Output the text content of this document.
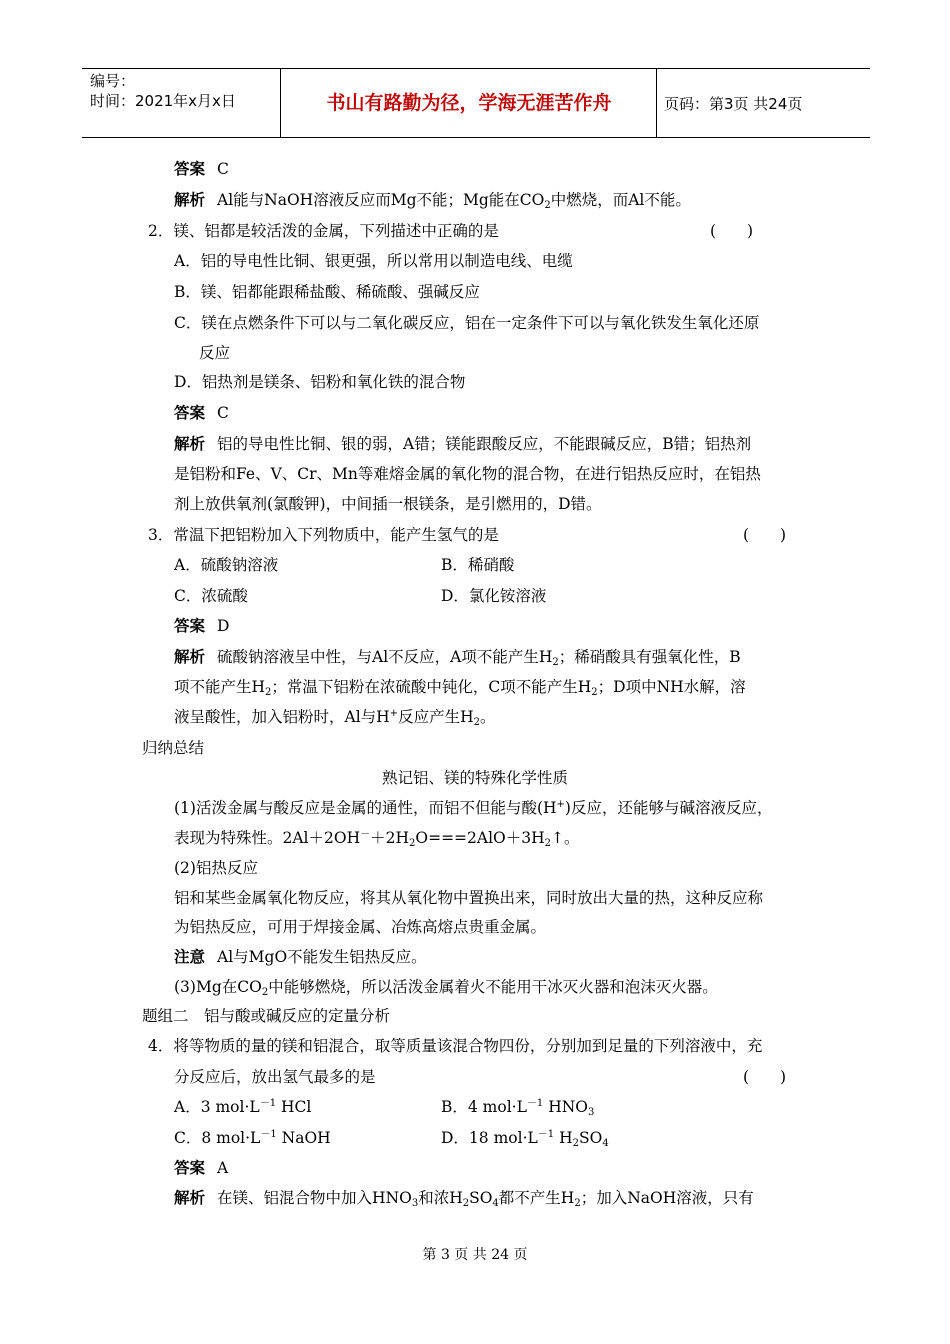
编号：
时间：2021年x月x日	书山有路勤为径，学海无涯苦作舟	页码：第3页 共24页
答案 C
解析 Al能与NaOH溶液反应而Mg不能；Mg能在$CO_2$中燃烧，而Al不能。
2．镁、铝都是较活泼的金属，下列描述中正确的是	(　　)
A．铝的导电性比铜、银更强，所以常用以制造电线、电缆
B．镁、铝都能跟稀盐酸、稀硫酸、强碱反应
C．镁在点燃条件下可以与二氧化碳反应，铝在一定条件下可以与氧化铁发生氧化还原
反应
D．铝热剂是镁条、铝粉和氧化铁的混合物
答案 C
解析 铝的导电性比铜、银的弱，A错；镁能跟酸反应，不能跟碱反应，B错；铝热剂
是铝粉和Fe、V、Cr、Mn等难熔金属的氧化物的混合物，在进行铝热反应时，在铝热
剂上放供氧剂(氯酸钾)，中间插一根镁条，是引燃用的，D错。
3．常温下把铝粉加入下列物质中，能产生氢气的是	(　　)
A．硫酸钠溶液	B．稀硝酸
C．浓硫酸	D．氯化铵溶液
答案 D
解析 硫酸钠溶液呈中性，与Al不反应，A项不能产生$H_2$；稀硝酸具有强氧化性，B
项不能产生$H_2$；常温下铝粉在浓硫酸中钝化，C项不能产生$H_2$；D项中NH水解，溶
液呈酸性，加入铝粉时，Al与H+反应产生$H_2$。
归纳总结
熟记铝、镁的特殊化学性质
(1)活泼金属与酸反应是金属的通性，而铝不但能与酸(H+)反应，还能够与碱溶液反应，
表现为特殊性。$2Al+2OH^-+2H_2O===2AlO+3H_2↑$。
(2)铝热反应
铝和某些金属氧化物反应，将其从氧化物中置换出来，同时放出大量的热，这种反应称
为铝热反应，可用于焊接金属、冶炼高熔点贵重金属。
注意 Al与MgO不能发生铝热反应。
(3)Mg在$CO_2$中能够燃烧，所以活泼金属着火不能用干冰灭火器和泡沫灭火器。
题组二　铝与酸或碱反应的定量分析
4．将等物质的量的镁和铝混合，取等质量该混合物四份，分别加到足量的下列溶液中，充
分反应后，放出氢气最多的是	(　　)
A．3 $mol\cdot L^{-1}$ HCl	B．4 $mol\cdot L^{-1}$ $HNO_3$
C．8 $mol\cdot L^{-1}$ NaOH	D．18 $mol\cdot L^{-1}$ $H_2SO_4$
答案 A
解析 在镁、铝混合物中加入$HNO_3$和浓$H_2SO_4$都不产生$H_2$；加入NaOH溶液，只有
第 3 页 共 24 页
